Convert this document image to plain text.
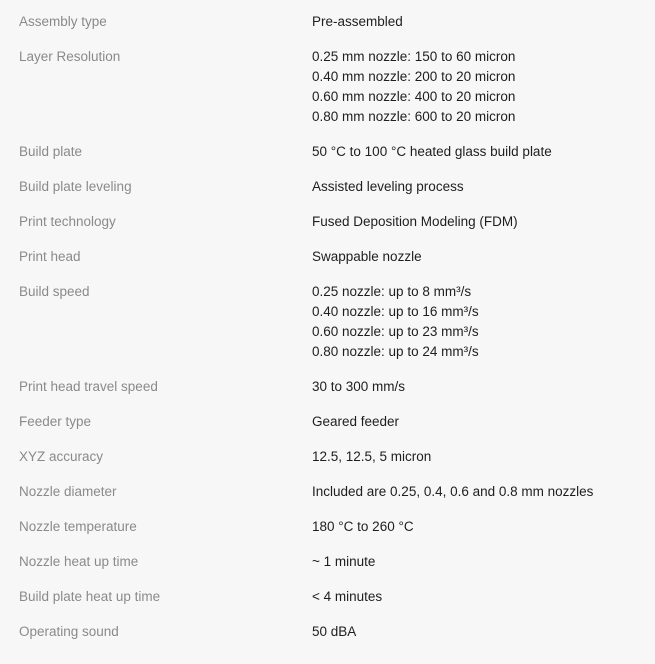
Assembly type	Pre-assembled
Layer Resolution	0.25 mm nozzle: 150 to 60 micron
0.40 mm nozzle: 200 to 20 micron
0.60 mm nozzle: 400 to 20 micron
0.80 mm nozzle: 600 to 20 micron
Build plate	50 °C to 100 °C heated glass build plate
Build plate leveling	Assisted leveling process
Print technology	Fused Deposition Modeling (FDM)
Print head	Swappable nozzle
Build speed	0.25 nozzle: up to 8 mm³/s
0.40 nozzle: up to 16 mm³/s
0.60 nozzle: up to 23 mm³/s
0.80 nozzle: up to 24 mm³/s
Print head travel speed	30 to 300 mm/s
Feeder type	Geared feeder
XYZ accuracy	12.5, 12.5, 5 micron
Nozzle diameter	Included are 0.25, 0.4, 0.6 and 0.8 mm nozzles
Nozzle temperature	180 °C to 260 °C
Nozzle heat up time	~ 1 minute
Build plate heat up time	< 4 minutes
Operating sound	50 dBA
